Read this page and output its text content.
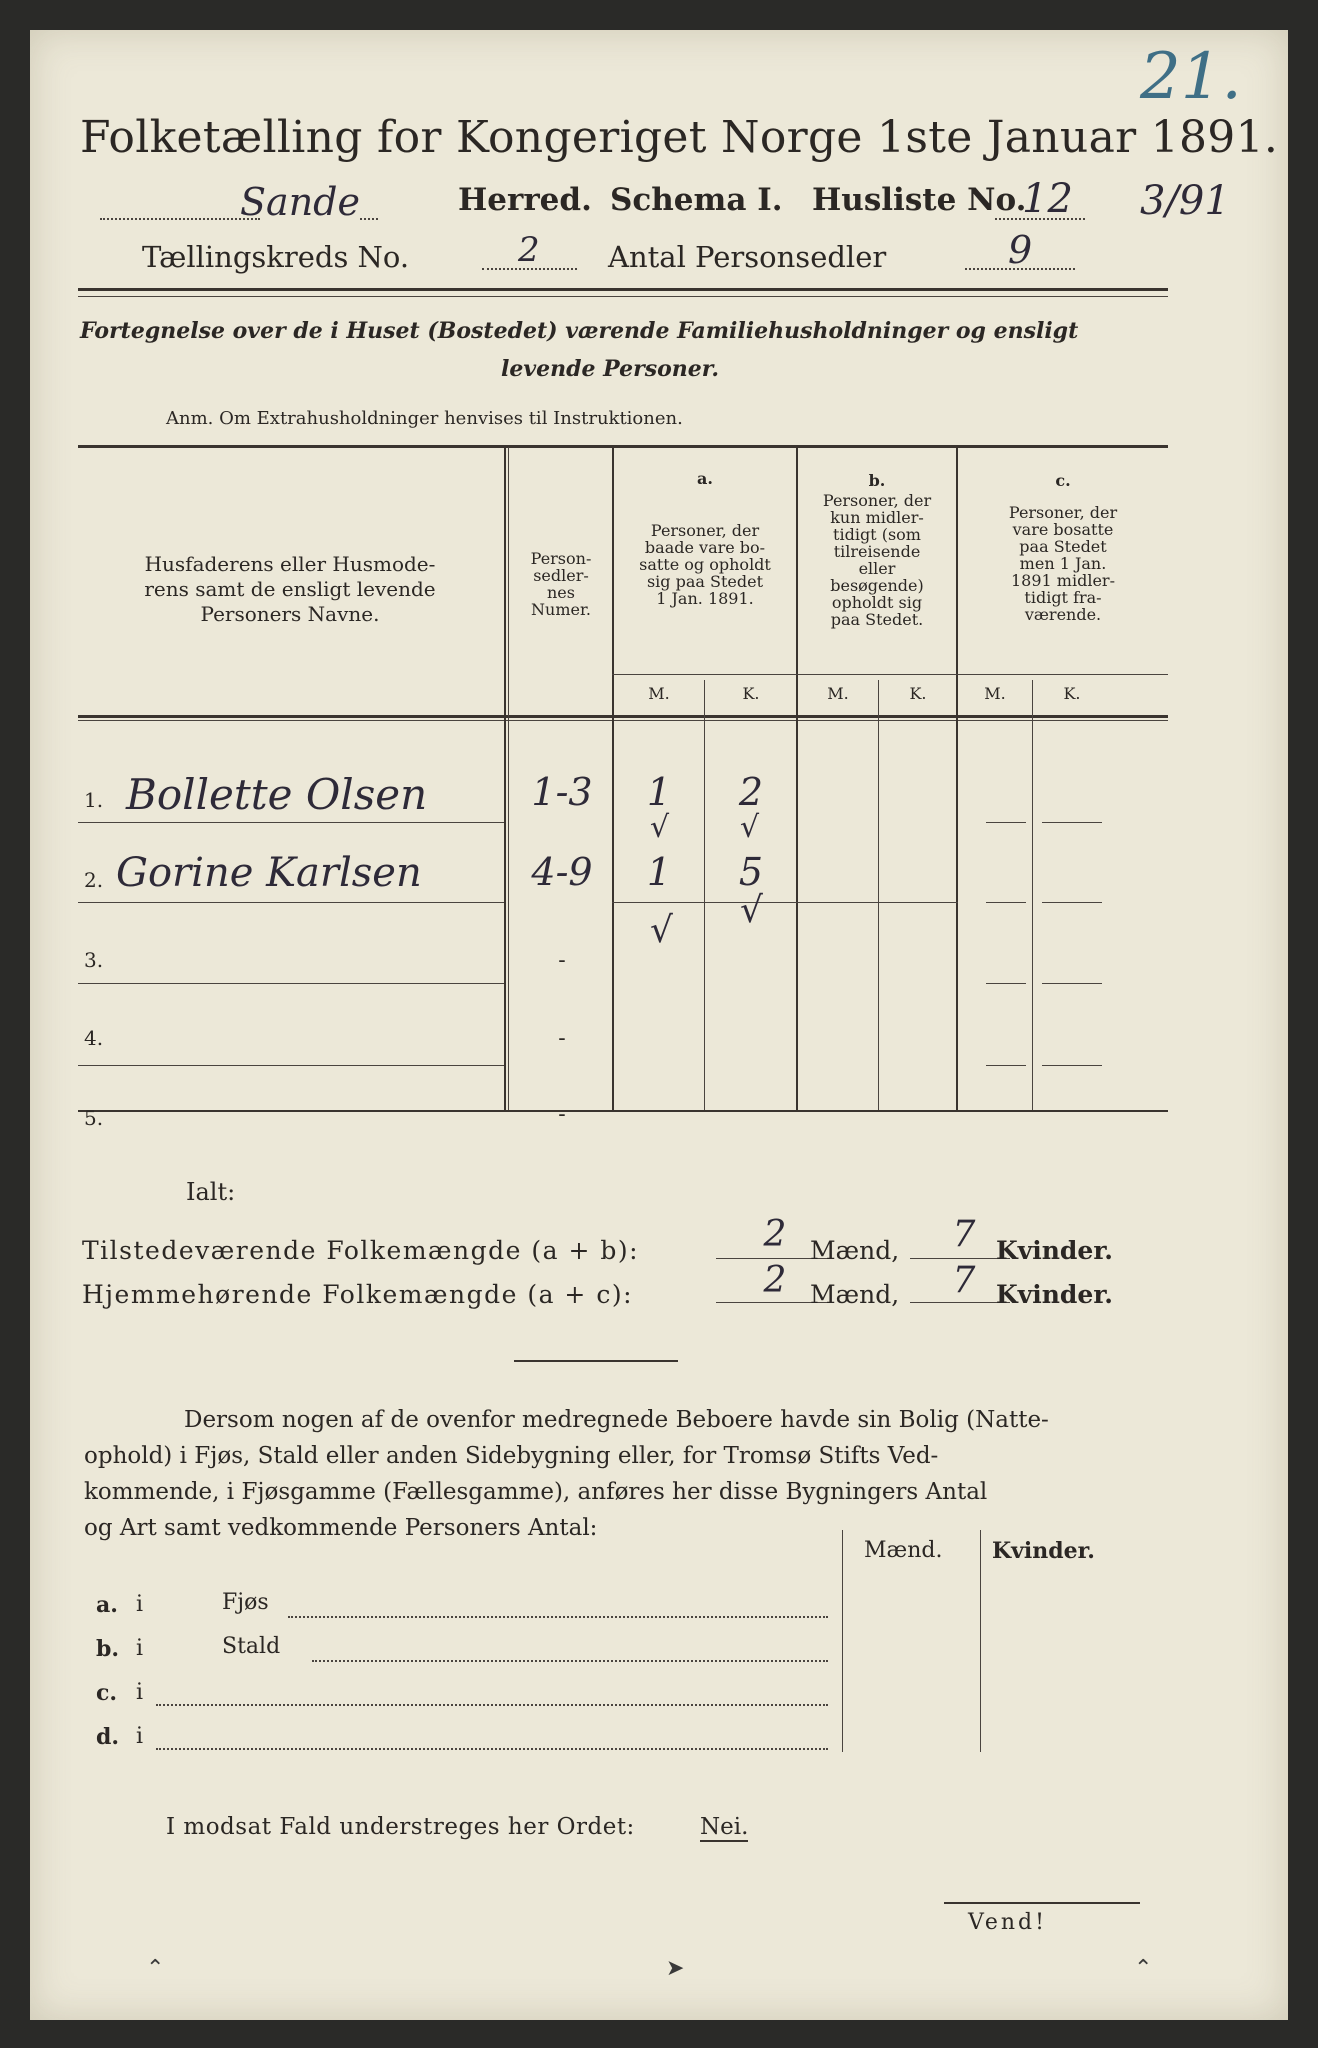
21.
3/91
Folketælling for Kongeriget Norge 1ste Januar 1891.
Sande	Herred. Schema I. Husliste No.
12
Tællingskreds No.	2 Antal Personsedler	9
Fortegnelse over de i Huset (Bostedet) værende Familiehusholdninger og ensligt
levende Personer.
Anm. Om Extrahusholdninger henvises til Instruktionen.
Husfaderens eller Husmode-
rens samt de ensligt levende
Personers Navne.
Person-
sedler-
nes
Numer.
a.
Personer, der
baade vare bo-
satte og opholdt
sig paa Stedet
1 Jan. 1891.
b.
Personer, der
kun midler-
tidigt (som
tilreisende
eller
besøgende)
opholdt sig
paa Stedet.
c.
Personer, der
vare bosatte
paa Stedet
men 1 Jan.
1891 midler-
tidigt fra-
værende.
M.	K.	M.	K.	M.	K.
1. Bollette Olsen	1-3	1	2
2. Gorine Karlsen	4-9	1	5
3.	-
4.	-
5.	-
√ √
√ √
Ialt:
Tilstedeværende Folkemængde (a + b):	2 Mænd,	7 Kvinder.
Hjemmehørende Folkemængde (a + c):	2 Mænd,	7 Kvinder.
Dersom nogen af de ovenfor medregnede Beboere havde sin Bolig (Natte-
ophold) i Fjøs, Stald eller anden Sidebygning eller, for Tromsø Stifts Ved-
kommende, i Fjøsgamme (Fællesgamme), anføres her disse Bygningers Antal
og Art samt vedkommende Personers Antal:
Mænd. Kvinder.
a. i	Fjøs
b. i	Stald
c. i
d. i
I modsat Fald understreges her Ordet:	Nei.
Vend!
⌃	➤	⌃
